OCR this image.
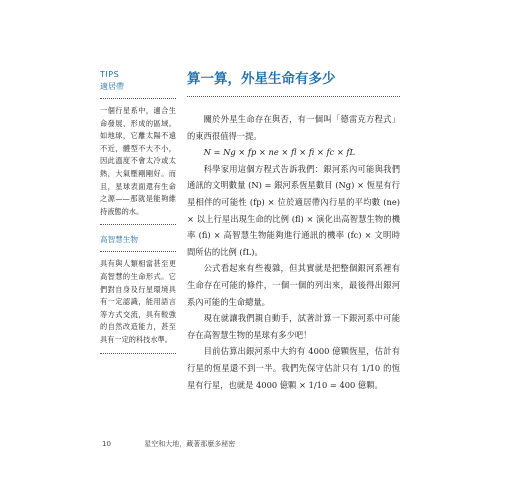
TIPS
適居帶
一個行星系中，適合生命發展、形成的區域。如地球，它離太陽不遠不近，體型不大不小，因此溫度不會太冷或太熱，大氣壓剛剛好。而且，星球表面還有生命之源——那就是能夠維持液態的水。
高智慧生物
具有與人類相當甚至更高智慧的生命形式。它們對自身及行星環境具有一定認識，能用語言等方式交流，具有較強的自然改造能力，甚至具有一定的科技水準。
算一算，外星生命有多少

關於外星生命存在與否，有一個叫「德雷克方程式」的東西很值得一提。

N = Ng × fp × ne × fl × fi × fc × fL

科學家用這個方程式告訴我們：銀河系內可能與我們通訊的文明數量 (N) = 銀河系恆星數目 (Ng) × 恆星有行星相伴的可能性 (fp) × 位於適居帶內行星的平均數 (ne) × 以上行星出現生命的比例 (fl) × 演化出高智慧生物的機率 (fi) × 高智慧生物能夠進行通訊的機率 (fc) × 文明時間所佔的比例 (fL)。

公式看起來有些複雜，但其實就是把整個銀河系裡有生命存在可能的條件，一個一個的列出來，最後得出銀河系內可能的生命總量。

現在就讓我們親自動手，試著計算一下銀河系中可能存在高智慧生物的星球有多少吧！

目前估算出銀河系中大約有 4000 億顆恆星，估計有行星的恆星還不到一半。我們先保守估計只有 1/10 的恆星有行星，也就是 4000 億顆 × 1/10 = 400 億顆。

10	星空和大地，藏著那麼多秘密
